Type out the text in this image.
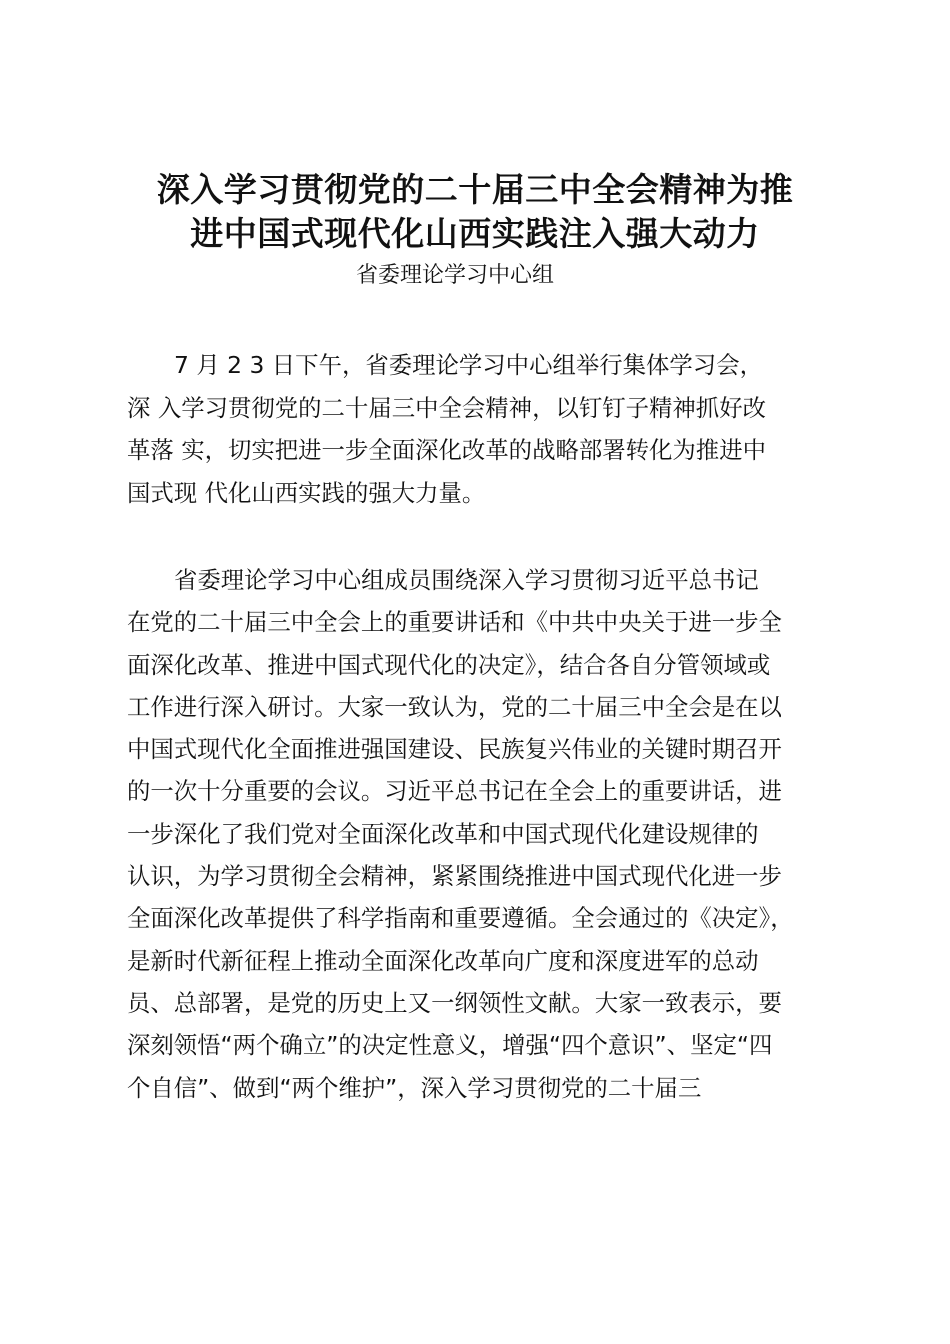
深入学习贯彻党的二十届三中全会精神为推
进中国式现代化山西实践注入强大动力
省委理论学习中心组
7 月 2 3 日下午，省委理论学习中心组举行集体学习会，
深 入学习贯彻党的二十届三中全会精神，以钉钉子精神抓好改
革落 实，切实把进一步全面深化改革的战略部署转化为推进中
国式现 代化山西实践的强大力量。
省委理论学习中心组成员围绕深入学习贯彻习近平总书记
在党的二十届三中全会上的重要讲话和《中共中央关于进一步全
面深化改革、推进中国式现代化的决定》，结合各自分管领域或
工作进行深入研讨。大家一致认为，党的二十届三中全会是在以
中国式现代化全面推进强国建设、民族复兴伟业的关键时期召开
的一次十分重要的会议。习近平总书记在全会上的重要讲话，进
一步深化了我们党对全面深化改革和中国式现代化建设规律的
认识，为学习贯彻全会精神，紧紧围绕推进中国式现代化进一步
全面深化改革提供了科学指南和重要遵循。全会通过的《决定》，
是新时代新征程上推动全面深化改革向广度和深度进军的总动
员、总部署，是党的历史上又一纲领性文献。大家一致表示，要
深刻领悟“两个确立”的决定性意义，增强“四个意识”、坚定“四
个自信”、做到“两个维护”，深入学习贯彻党的二十届三
